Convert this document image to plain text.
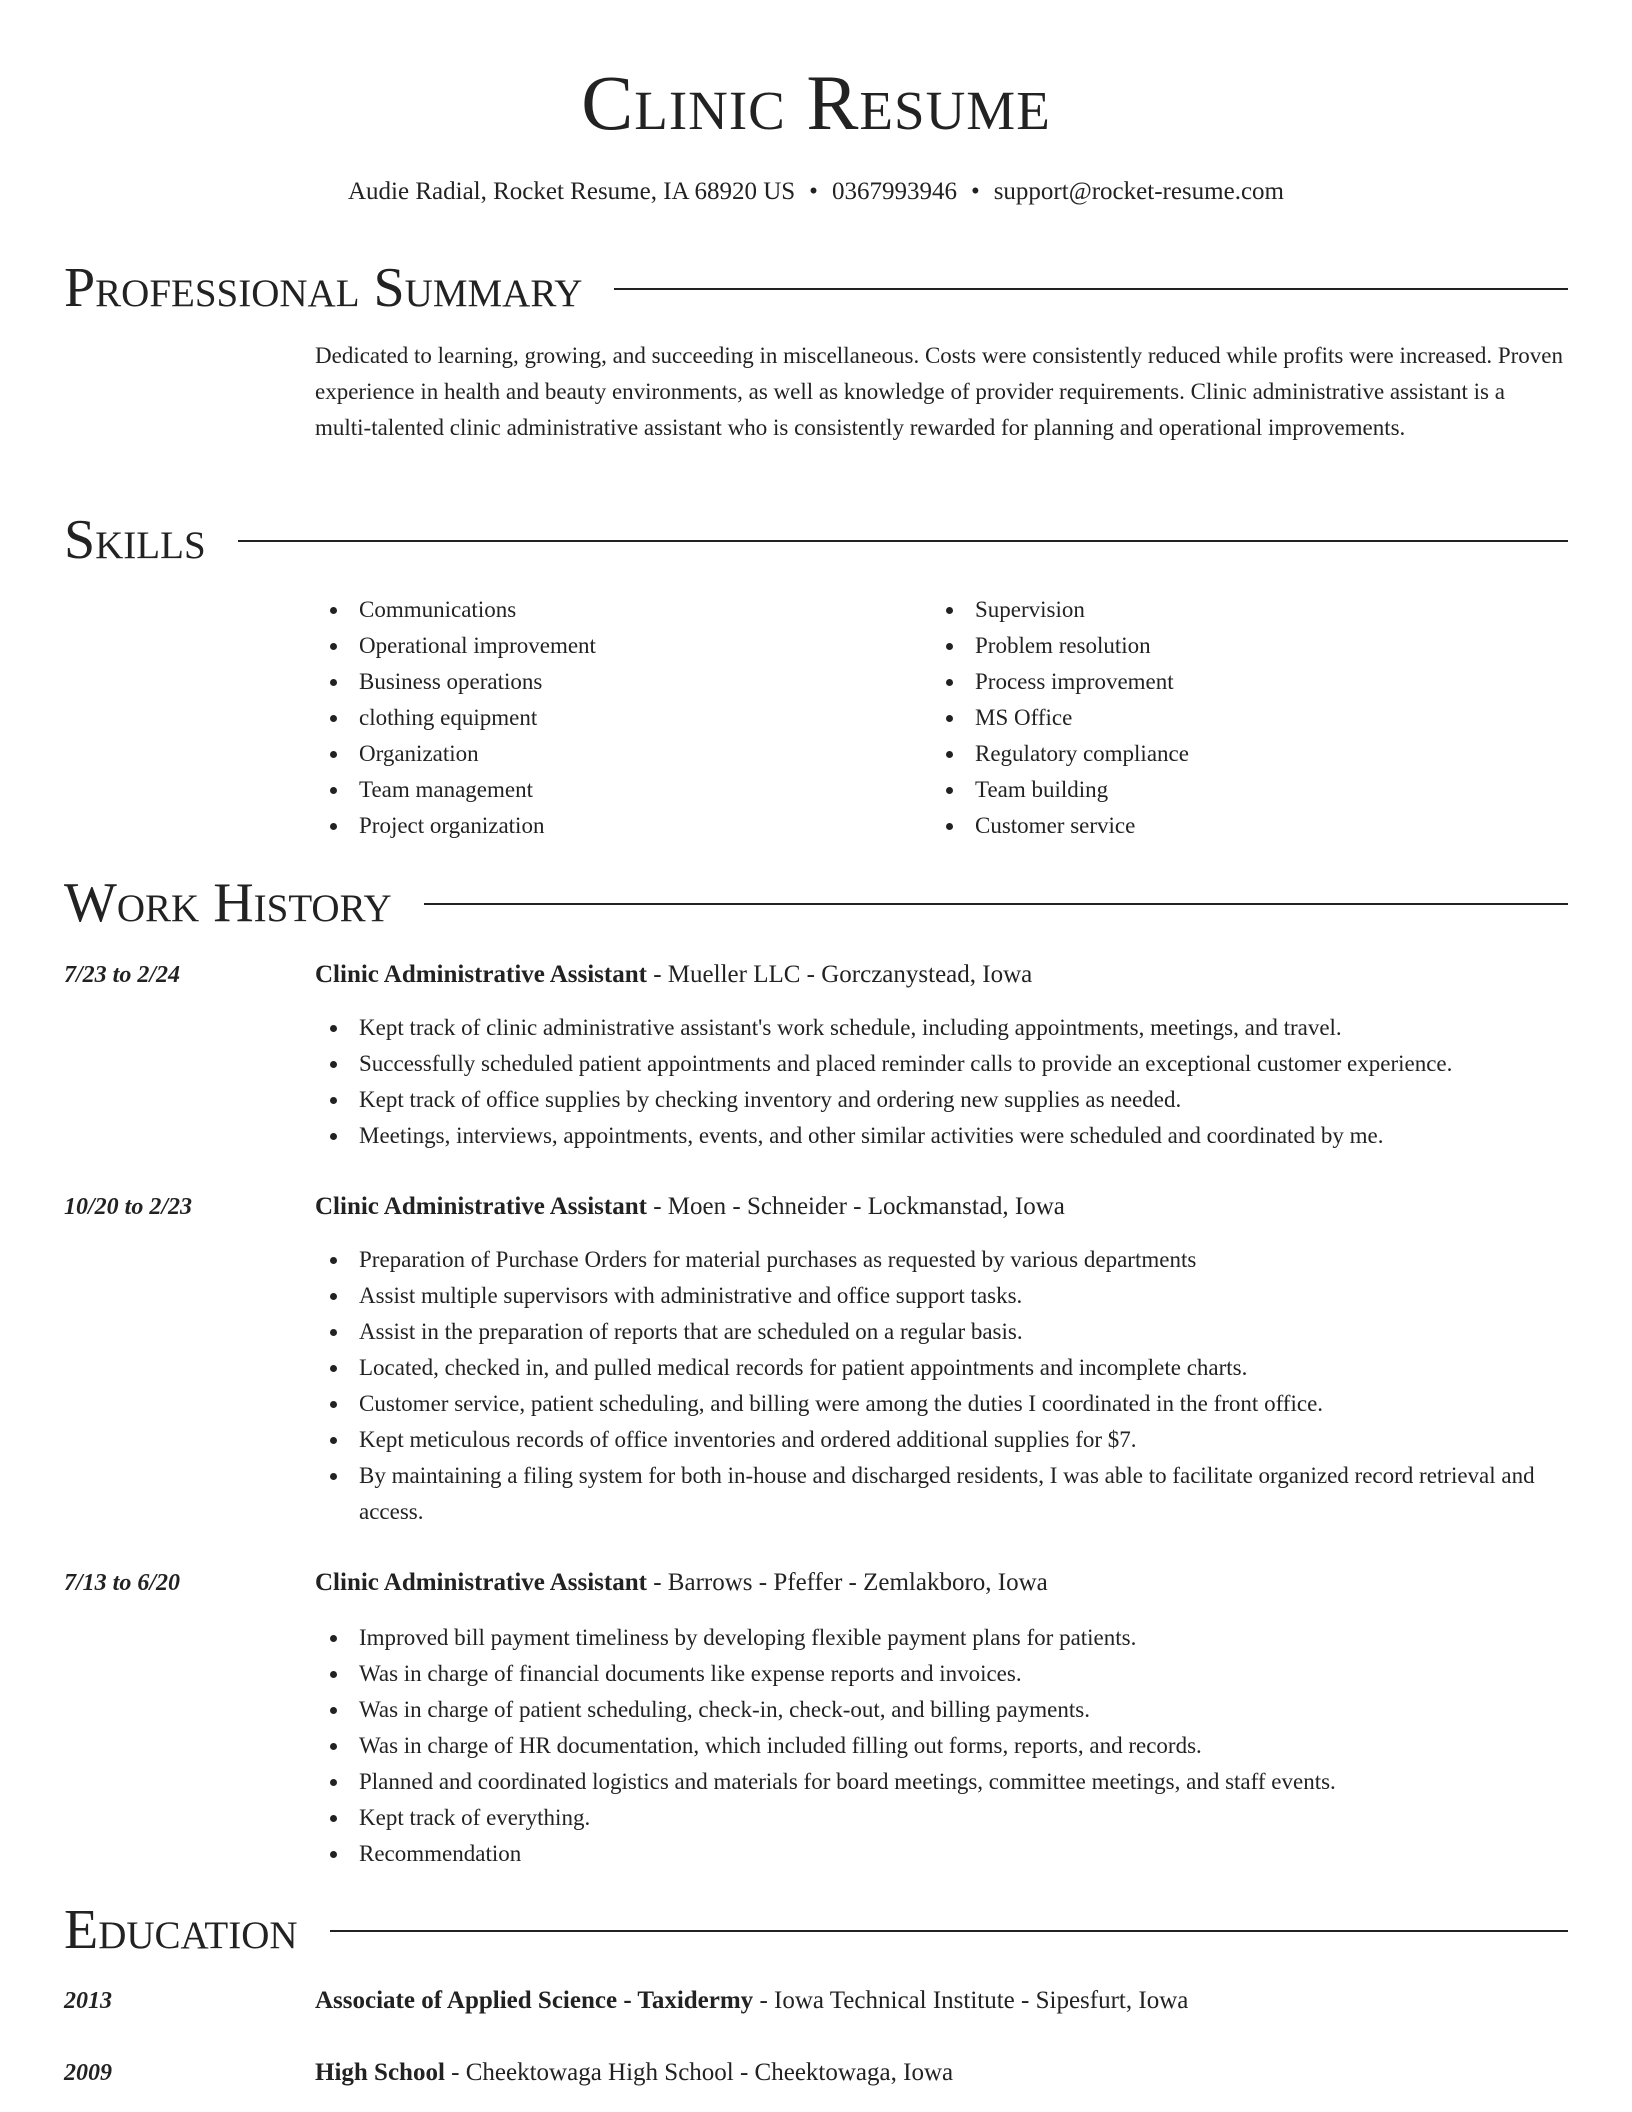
Clinic Resume
Audie Radial, Rocket Resume, IA 68920 US • 0367993946 • support@rocket-resume.com
Professional Summary
Dedicated to learning, growing, and succeeding in miscellaneous. Costs were consistently reduced while profits were increased. Proven experience in health and beauty environments, as well as knowledge of provider requirements. Clinic administrative assistant is a multi-talented clinic administrative assistant who is consistently rewarded for planning and operational improvements.
Skills
Communications
Operational improvement
Business operations
clothing equipment
Organization
Team management
Project organization
Supervision
Problem resolution
Process improvement
MS Office
Regulatory compliance
Team building
Customer service
Work History
7/23 to 2/24	Clinic Administrative Assistant - Mueller LLC - Gorczanystead, Iowa
Kept track of clinic administrative assistant's work schedule, including appointments, meetings, and travel.
Successfully scheduled patient appointments and placed reminder calls to provide an exceptional customer experience.
Kept track of office supplies by checking inventory and ordering new supplies as needed.
Meetings, interviews, appointments, events, and other similar activities were scheduled and coordinated by me.
10/20 to 2/23	Clinic Administrative Assistant - Moen - Schneider - Lockmanstad, Iowa
Preparation of Purchase Orders for material purchases as requested by various departments
Assist multiple supervisors with administrative and office support tasks.
Assist in the preparation of reports that are scheduled on a regular basis.
Located, checked in, and pulled medical records for patient appointments and incomplete charts.
Customer service, patient scheduling, and billing were among the duties I coordinated in the front office.
Kept meticulous records of office inventories and ordered additional supplies for $7.
By maintaining a filing system for both in-house and discharged residents, I was able to facilitate organized record retrieval and access.
7/13 to 6/20	Clinic Administrative Assistant - Barrows - Pfeffer - Zemlakboro, Iowa
Improved bill payment timeliness by developing flexible payment plans for patients.
Was in charge of financial documents like expense reports and invoices.
Was in charge of patient scheduling, check-in, check-out, and billing payments.
Was in charge of HR documentation, which included filling out forms, reports, and records.
Planned and coordinated logistics and materials for board meetings, committee meetings, and staff events.
Kept track of everything.
Recommendation
Education
2013	Associate of Applied Science - Taxidermy - Iowa Technical Institute - Sipesfurt, Iowa
2009	High School - Cheektowaga High School - Cheektowaga, Iowa
